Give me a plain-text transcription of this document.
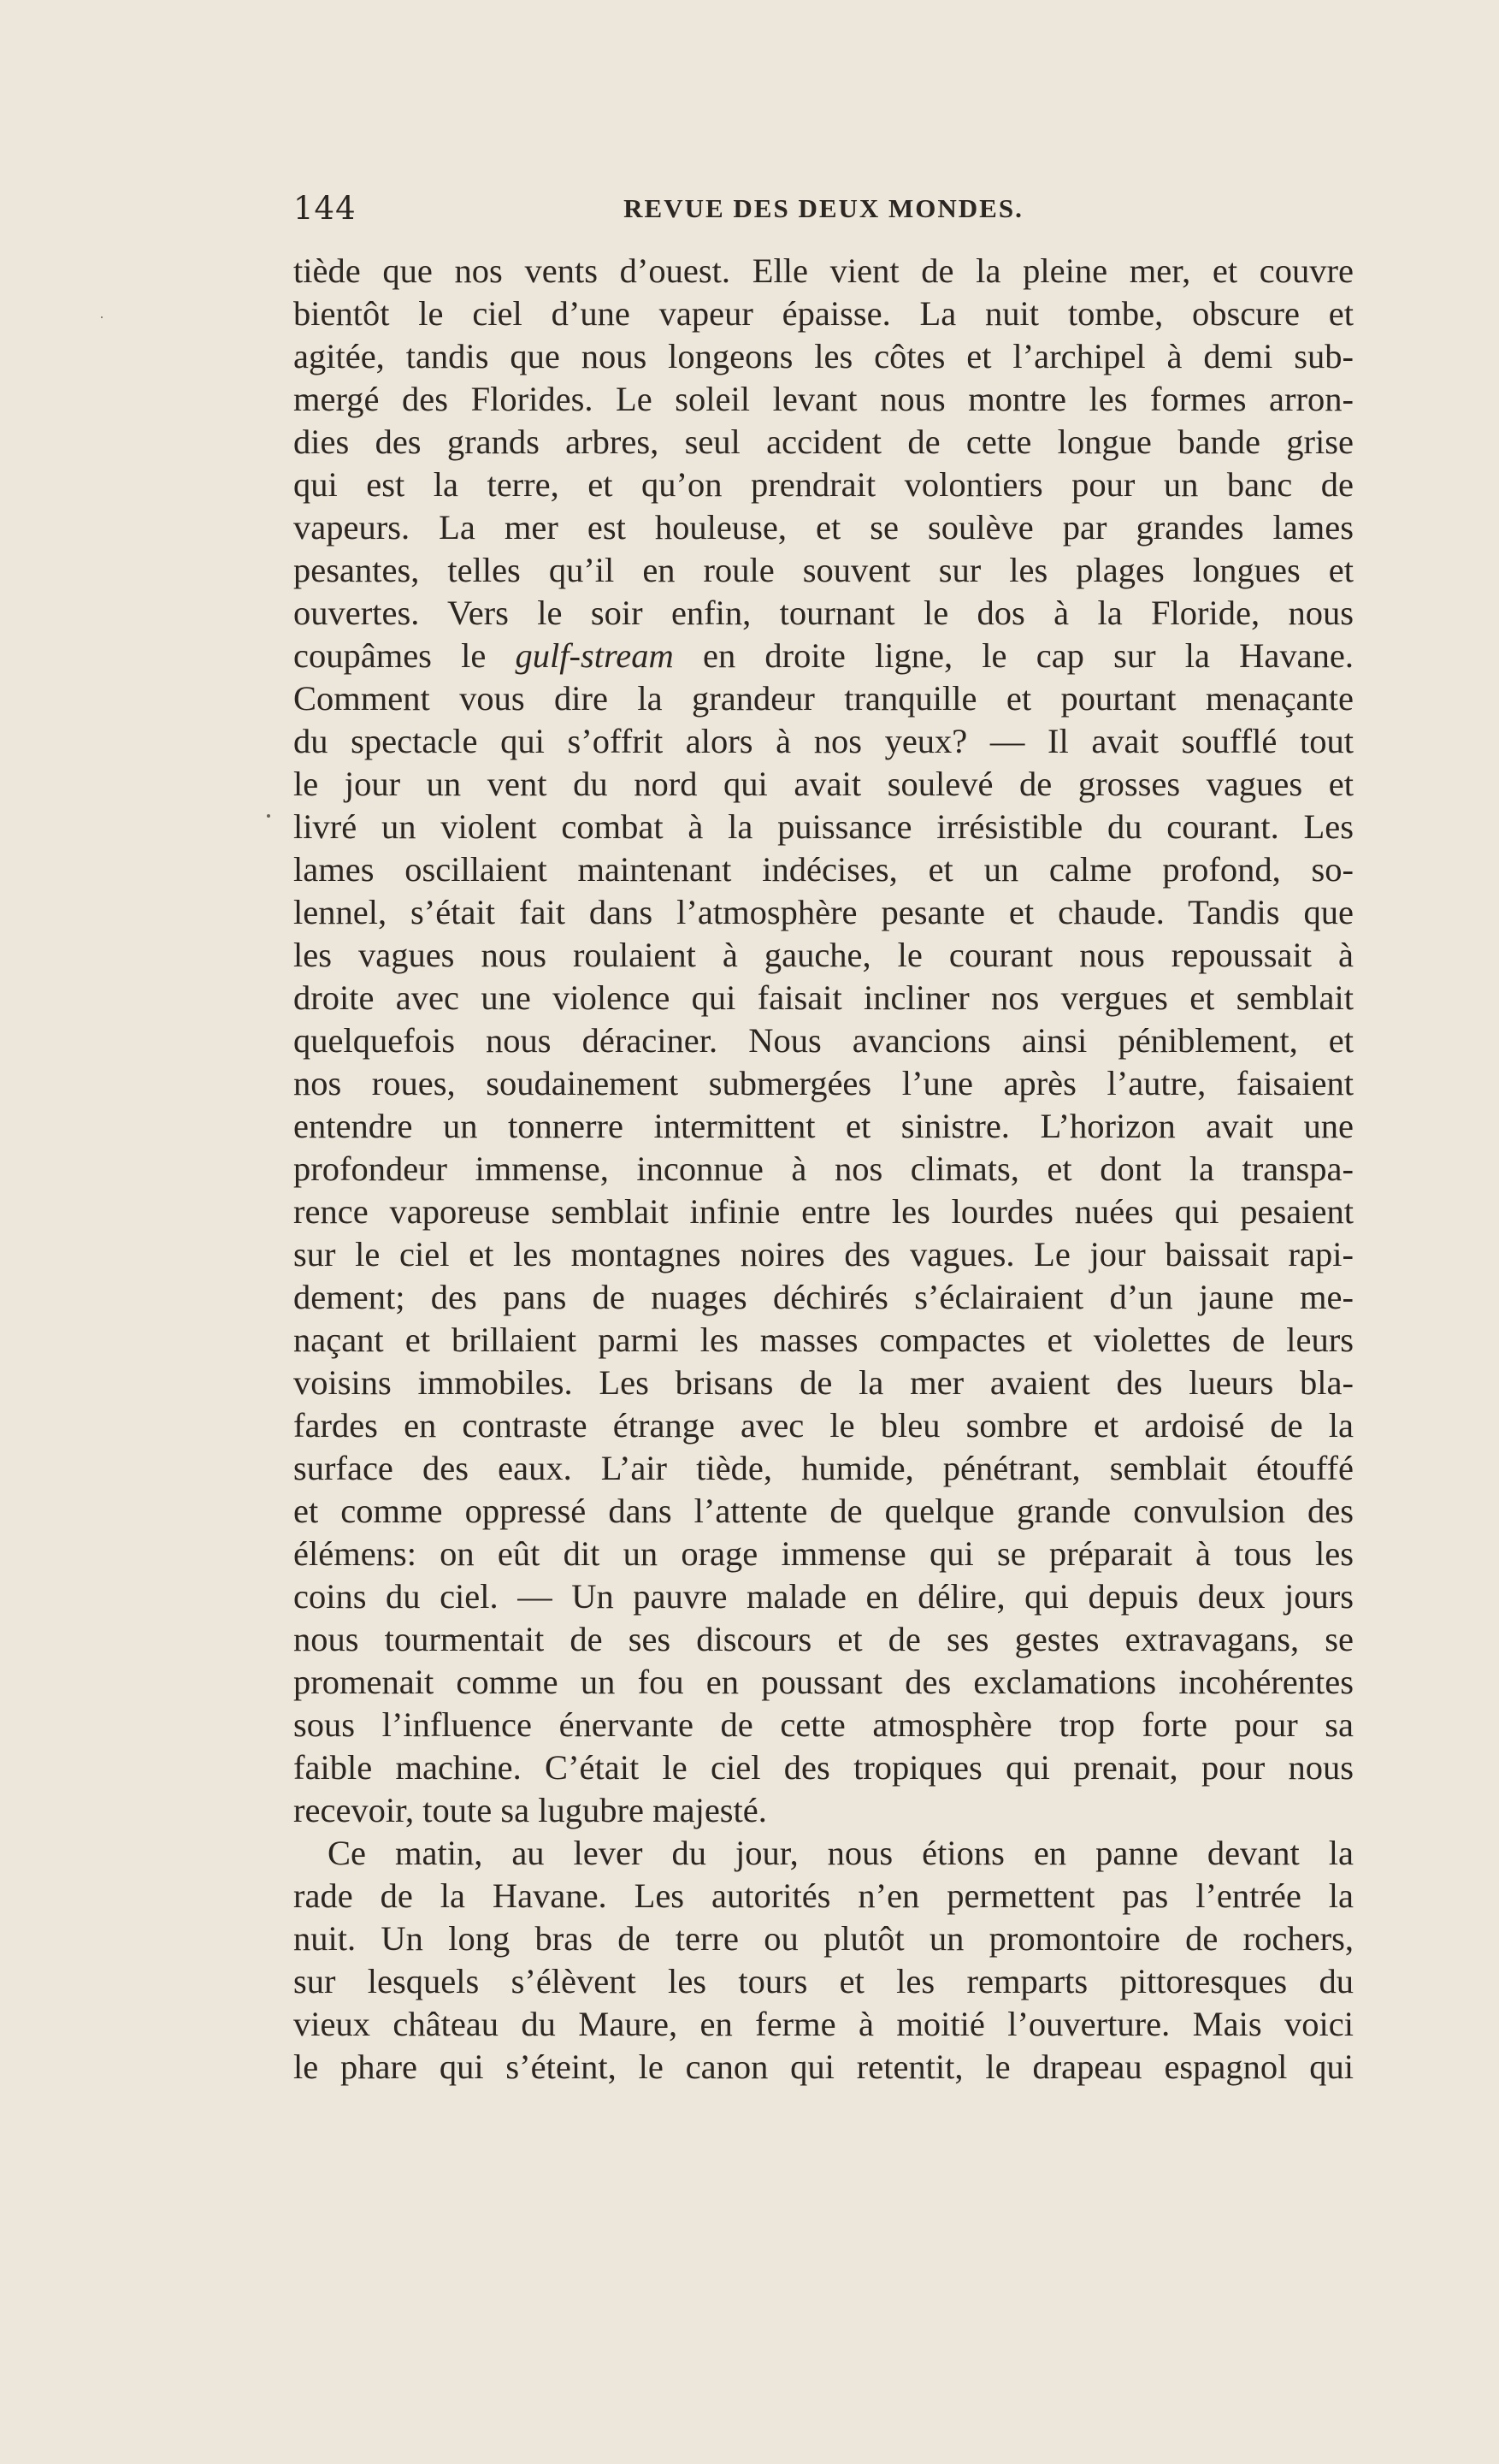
144	REVUE DES DEUX MONDES.
tiède que nos vents d’ouest. Elle vient de la pleine mer, et couvre
bientôt le ciel d’une vapeur épaisse. La nuit tombe, obscure et
agitée, tandis que nous longeons les côtes et l’archipel à demi sub-
mergé des Florides. Le soleil levant nous montre les formes arron-
dies des grands arbres, seul accident de cette longue bande grise
qui est la terre, et qu’on prendrait volontiers pour un banc de
vapeurs. La mer est houleuse, et se soulève par grandes lames
pesantes, telles qu’il en roule souvent sur les plages longues et
ouvertes. Vers le soir enfin, tournant le dos à la Floride, nous
coupâmes le gulf-stream en droite ligne, le cap sur la Havane.
Comment vous dire la grandeur tranquille et pourtant menaçante
du spectacle qui s’offrit alors à nos yeux? — Il avait soufflé tout
le jour un vent du nord qui avait soulevé de grosses vagues et
livré un violent combat à la puissance irrésistible du courant. Les
lames oscillaient maintenant indécises, et un calme profond, so-
lennel, s’était fait dans l’atmosphère pesante et chaude. Tandis que
les vagues nous roulaient à gauche, le courant nous repoussait à
droite avec une violence qui faisait incliner nos vergues et semblait
quelquefois nous déraciner. Nous avancions ainsi péniblement, et
nos roues, soudainement submergées l’une après l’autre, faisaient
entendre un tonnerre intermittent et sinistre. L’horizon avait une
profondeur immense, inconnue à nos climats, et dont la transpa-
rence vaporeuse semblait infinie entre les lourdes nuées qui pesaient
sur le ciel et les montagnes noires des vagues. Le jour baissait rapi-
dement; des pans de nuages déchirés s’éclairaient d’un jaune me-
naçant et brillaient parmi les masses compactes et violettes de leurs
voisins immobiles. Les brisans de la mer avaient des lueurs bla-
fardes en contraste étrange avec le bleu sombre et ardoisé de la
surface des eaux. L’air tiède, humide, pénétrant, semblait étouffé
et comme oppressé dans l’attente de quelque grande convulsion des
élémens: on eût dit un orage immense qui se préparait à tous les
coins du ciel. — Un pauvre malade en délire, qui depuis deux jours
nous tourmentait de ses discours et de ses gestes extravagans, se
promenait comme un fou en poussant des exclamations incohérentes
sous l’influence énervante de cette atmosphère trop forte pour sa
faible machine. C’était le ciel des tropiques qui prenait, pour nous
recevoir, toute sa lugubre majesté.
Ce matin, au lever du jour, nous étions en panne devant la
rade de la Havane. Les autorités n’en permettent pas l’entrée la
nuit. Un long bras de terre ou plutôt un promontoire de rochers,
sur lesquels s’élèvent les tours et les remparts pittoresques du
vieux château du Maure, en ferme à moitié l’ouverture. Mais voici
le phare qui s’éteint, le canon qui retentit, le drapeau espagnol qui
